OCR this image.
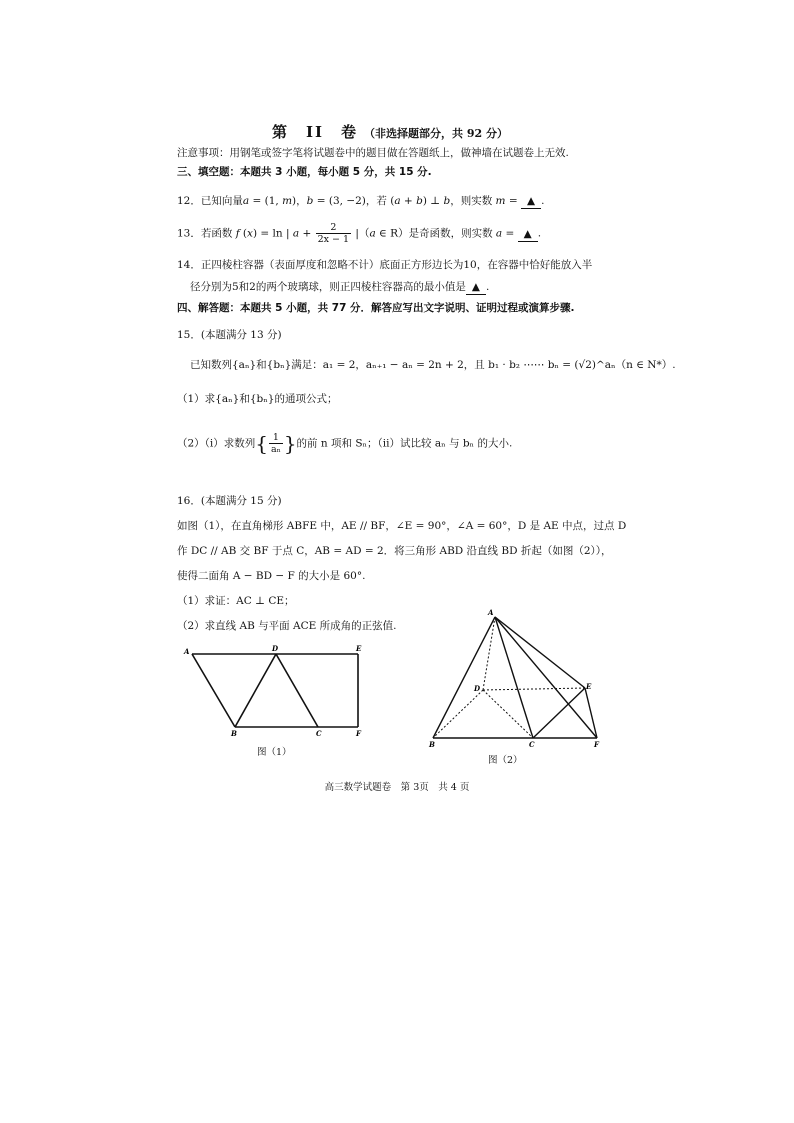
第　II　卷 （非选择题部分，共 92 分）
注意事项：用钢笔或签字笔将试题卷中的题目做在答题纸上，做神墙在试题卷上无效.
三、填空题：本题共 3 小题，每小题 5 分，共 15 分.
12．已知向量a = (1, m)，b = (3, −2)，若 (a + b) ⊥ b，则实数 m = ▲ .
13．若函数 f (x) = ln | $a + \frac{2}{2x - 1} |(a$ ∈ R）是奇函数，则实数 a = ▲ .
14．正四棱柱容器（表面厚度和忽略不计）底面正方形边长为10，在容器中恰好能放入半
径分别为5和2的两个玻璃球，则正四棱柱容器高的最小值是 ▲ .
四、解答题：本题共 5 小题，共 77 分．解答应写出文字说明、证明过程或演算步骤.
15．(本题满分 13 分)
已知数列{aₙ}和{bₙ}满足：a₁ = 2，aₙ₊₁ − aₙ = 2n + 2，且 b₁ · b₂ ⋯⋯ bₙ = (√2)^aₙ（n ∈ N*）.
（1）求{aₙ}和{bₙ}的通项公式；
（2）（i）求数列{ $\frac{1}{\text{aₙ}}$ }的前 n 项和 Sₙ；（ii）试比较 aₙ 与 bₙ 的大小.
16．(本题满分 15 分)
如图（1），在直角梯形 ABFE 中，AE // BF，∠E = 90°，∠A = 60°，D 是 AE 中点，过点 D
作 DC // AB 交 BF 于点 C，AB = AD = 2．将三角形 ABD 沿直线 BD 折起（如图（2）），
使得二面角 A − BD − F 的大小是 60°.
（1）求证：AC ⊥ CE；
（2）求直线 AB 与平面 ACE 所成角的正弦值.
A	D	E
B	C	F
图（1）
A
D	E
B	C	F
图（2）
高三数学试题卷　第 3页　共 4 页
